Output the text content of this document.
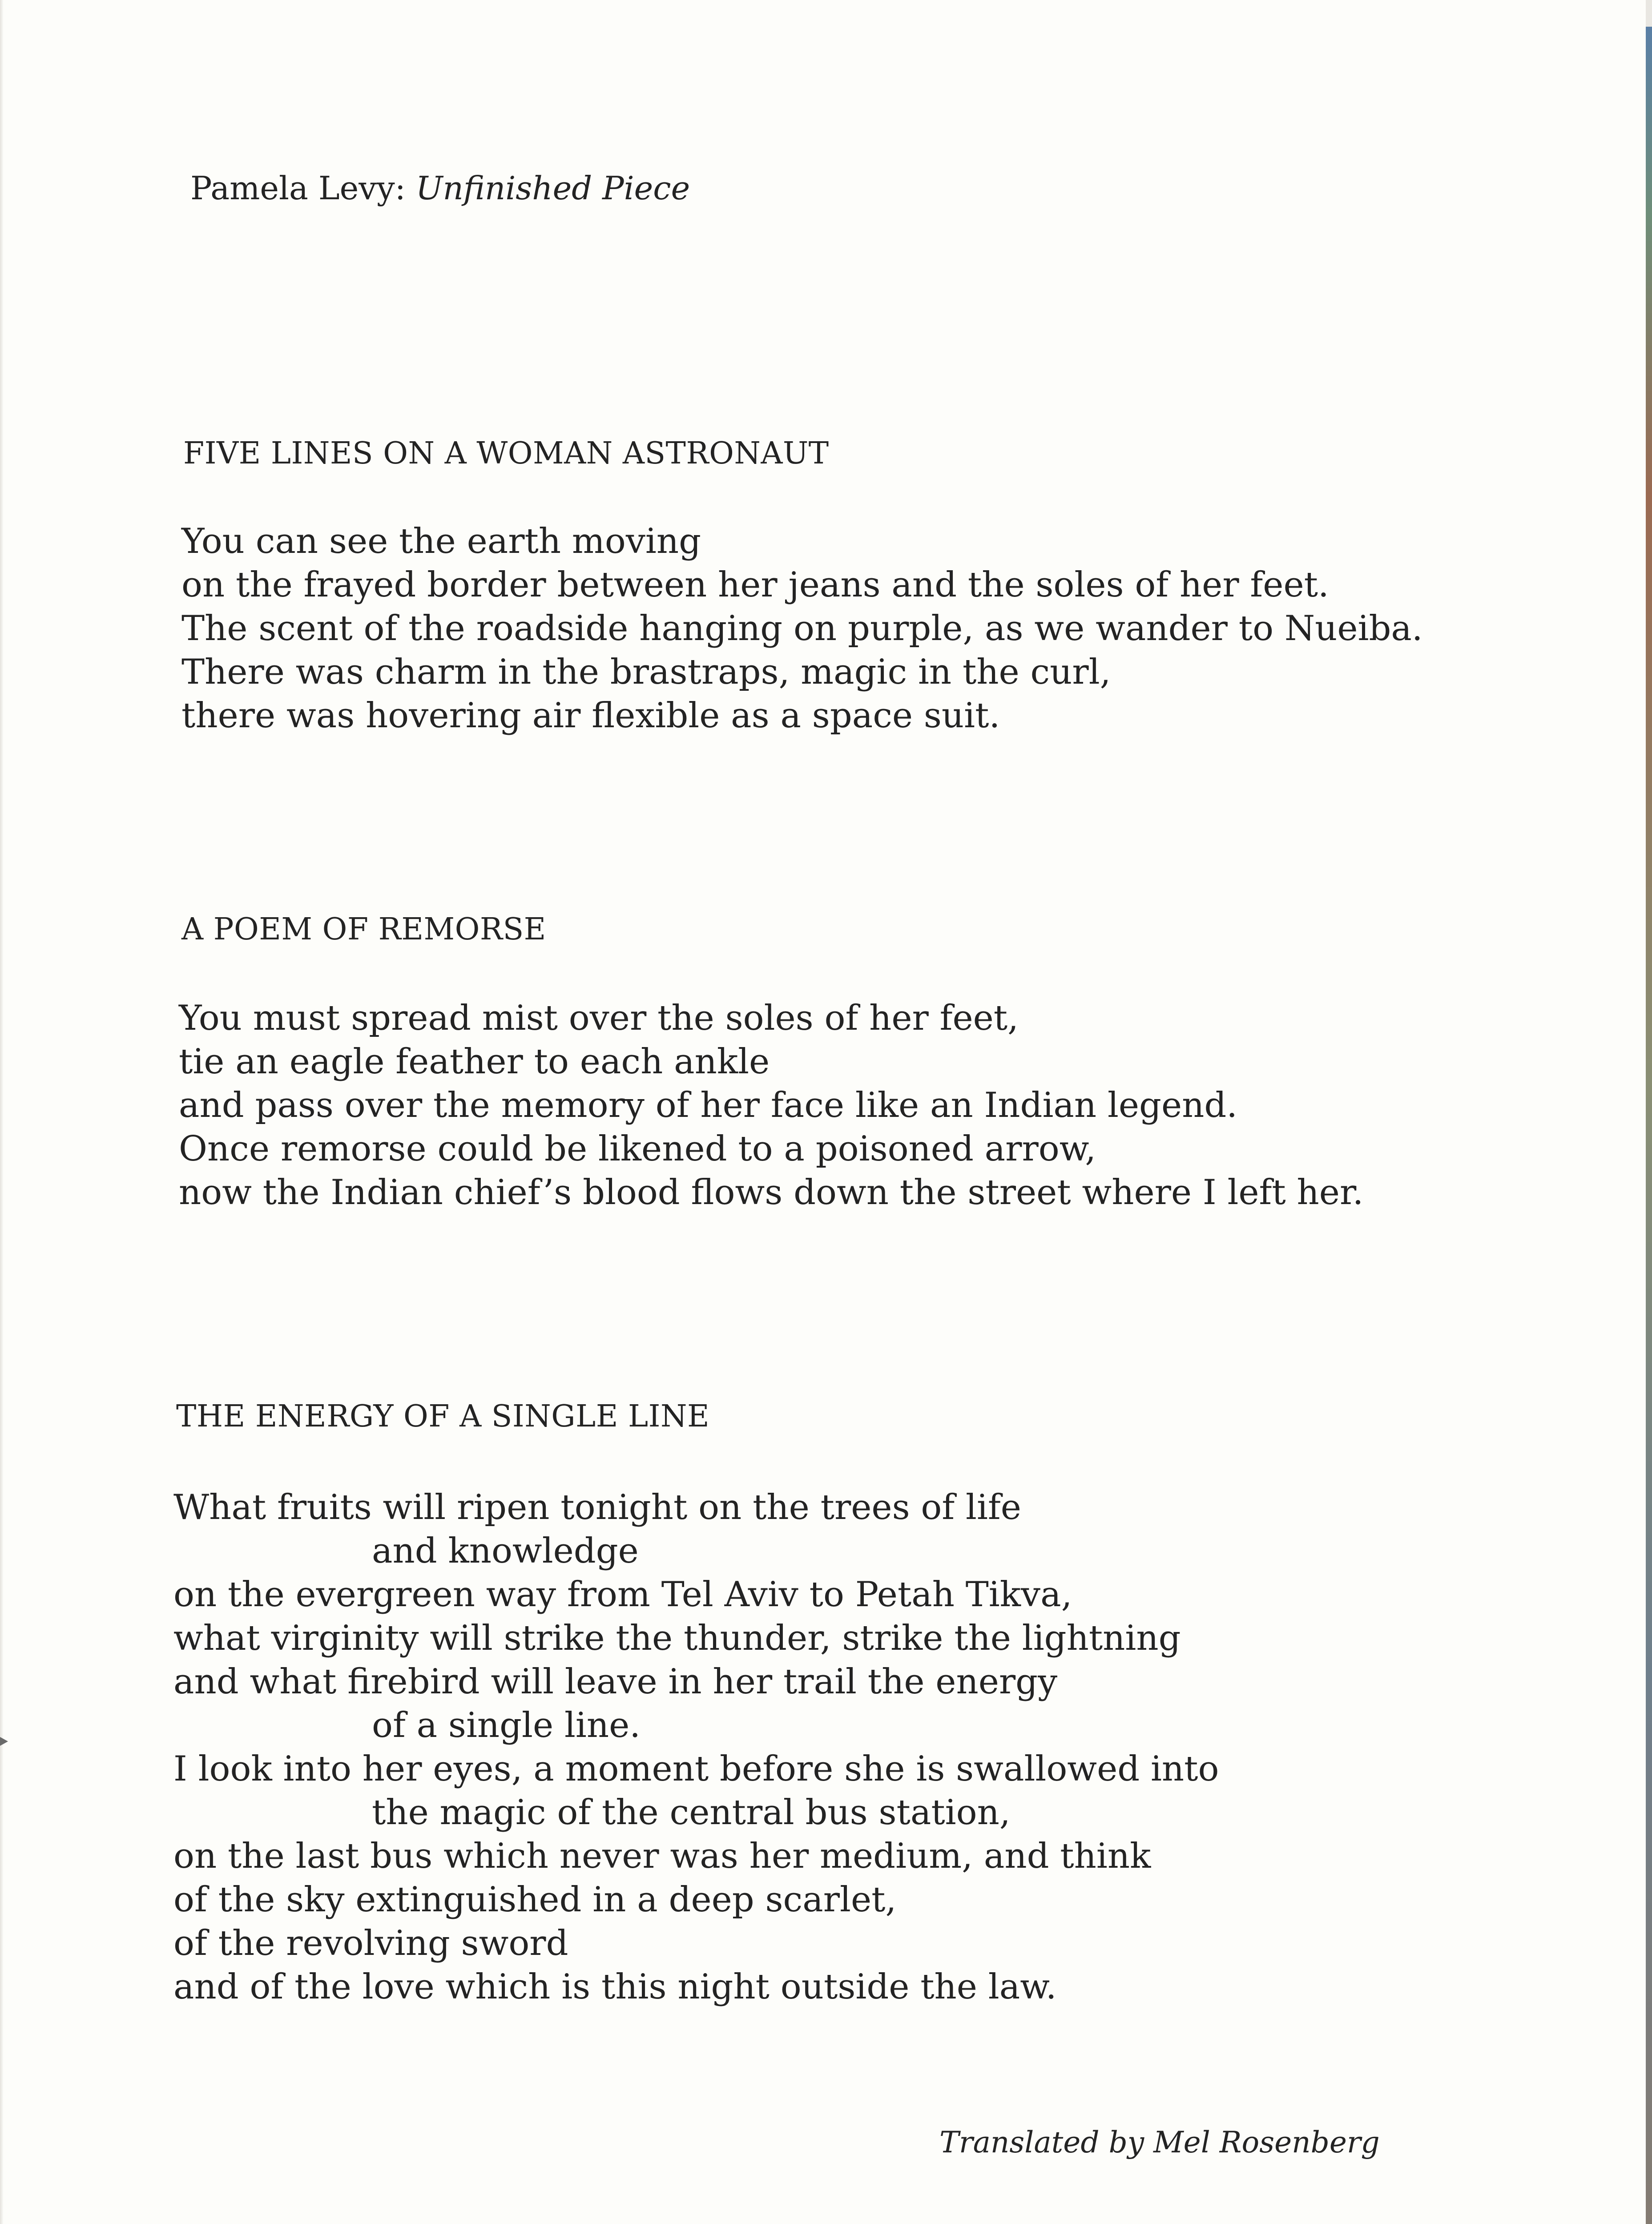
Pamela Levy: Unfinished Piece
FIVE LINES ON A WOMAN ASTRONAUT
You can see the earth moving
on the frayed border between her jeans and the soles of her feet.
The scent of the roadside hanging on purple, as we wander to Nueiba.
There was charm in the brastraps, magic in the curl,
there was hovering air flexible as a space suit.
A POEM OF REMORSE
You must spread mist over the soles of her feet,
tie an eagle feather to each ankle
and pass over the memory of her face like an Indian legend.
Once remorse could be likened to a poisoned arrow,
now the Indian chief’s blood flows down the street where I left her.
THE ENERGY OF A SINGLE LINE
What fruits will ripen tonight on the trees of life
and knowledge
on the evergreen way from Tel Aviv to Petah Tikva,
what virginity will strike the thunder, strike the lightning
and what firebird will leave in her trail the energy
of a single line.
I look into her eyes, a moment before she is swallowed into
the magic of the central bus station,
on the last bus which never was her medium, and think
of the sky extinguished in a deep scarlet,
of the revolving sword
and of the love which is this night outside the law.
Translated by Mel Rosenberg
